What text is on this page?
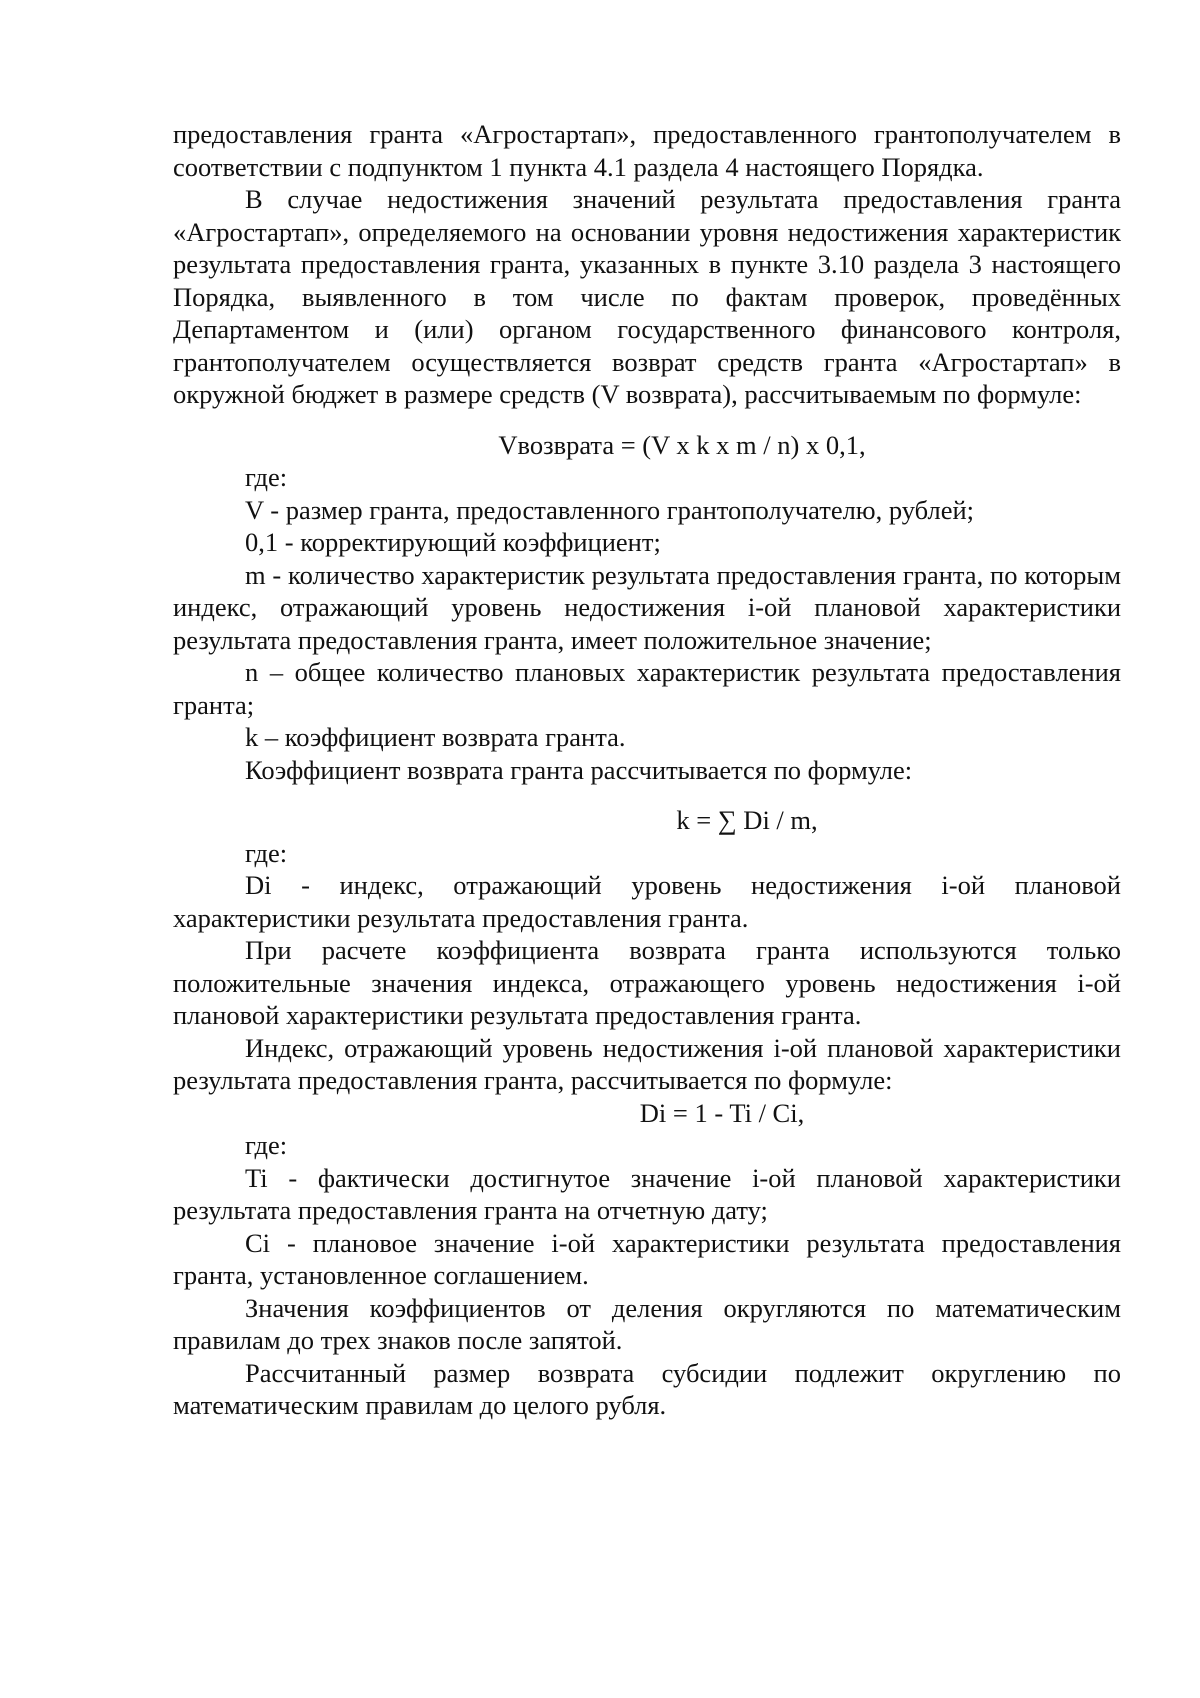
предоставления гранта «Агростартап», предоставленного грантополучателем в соответствии с подпунктом 1 пункта 4.1 раздела 4 настоящего Порядка.

В случае недостижения значений результата предоставления гранта «Агростартап», определяемого на основании уровня недостижения характеристик результата предоставления гранта, указанных в пункте 3.10 раздела 3 настоящего Порядка, выявленного в том числе по фактам проверок, проведённых Департаментом и (или) органом государственного финансового контроля, грантополучателем осуществляется возврат средств гранта «Агростартап» в окружной бюджет в размере средств (V возврата), рассчитываемым по формуле:

Vвозврата = (V x k x m / n) x 0,1,

где:

V - размер гранта, предоставленного грантополучателю, рублей;

0,1 - корректирующий коэффициент;

m - количество характеристик результата предоставления гранта, по которым индекс, отражающий уровень недостижения i-ой плановой характеристики результата предоставления гранта, имеет положительное значение;

n – общее количество плановых характеристик результата предоставления гранта;

k – коэффициент возврата гранта.

Коэффициент возврата гранта рассчитывается по формуле:

k = ∑ Di / m,

где:

Di - индекс, отражающий уровень недостижения i-ой плановой характеристики результата предоставления гранта.

При расчете коэффициента возврата гранта используются только положительные значения индекса, отражающего уровень недостижения i-ой плановой характеристики результата предоставления гранта.

Индекс, отражающий уровень недостижения i-ой плановой характеристики результата предоставления гранта, рассчитывается по формуле:

Di = 1 - Ti / Ci,

где:

Ti - фактически достигнутое значение i-ой плановой характеристики результата предоставления гранта на отчетную дату;

Ci - плановое значение i-ой характеристики результата предоставления гранта, установленное соглашением.

Значения коэффициентов от деления округляются по математическим правилам до трех знаков после запятой.

Рассчитанный размер возврата субсидии подлежит округлению по математическим правилам до целого рубля.
